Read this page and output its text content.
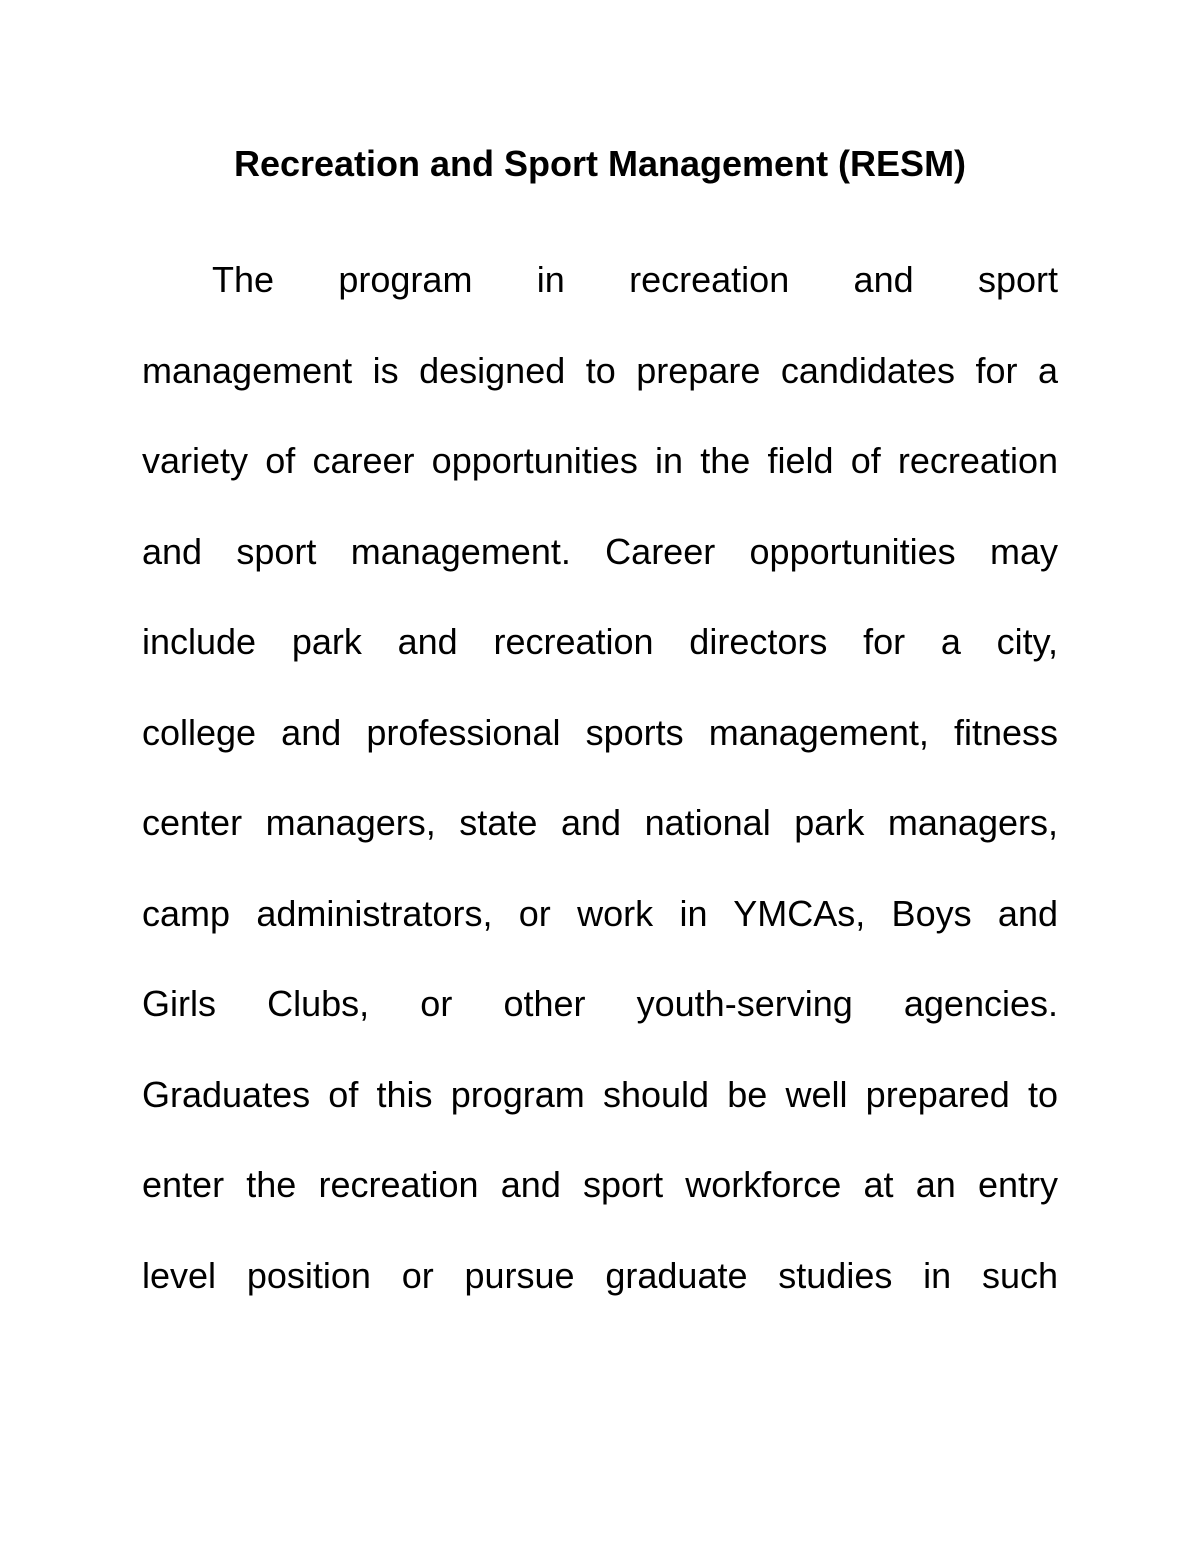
Recreation and Sport Management (RESM)
The program in recreation and sport
management is designed to prepare candidates for a
variety of career opportunities in the field of recreation
and sport management. Career opportunities may
include park and recreation directors for a city,
college and professional sports management, fitness
center managers, state and national park managers,
camp administrators, or work in YMCAs, Boys and
Girls Clubs, or other youth-serving agencies.
Graduates of this program should be well prepared to
enter the recreation and sport workforce at an entry
level position or pursue graduate studies in such
